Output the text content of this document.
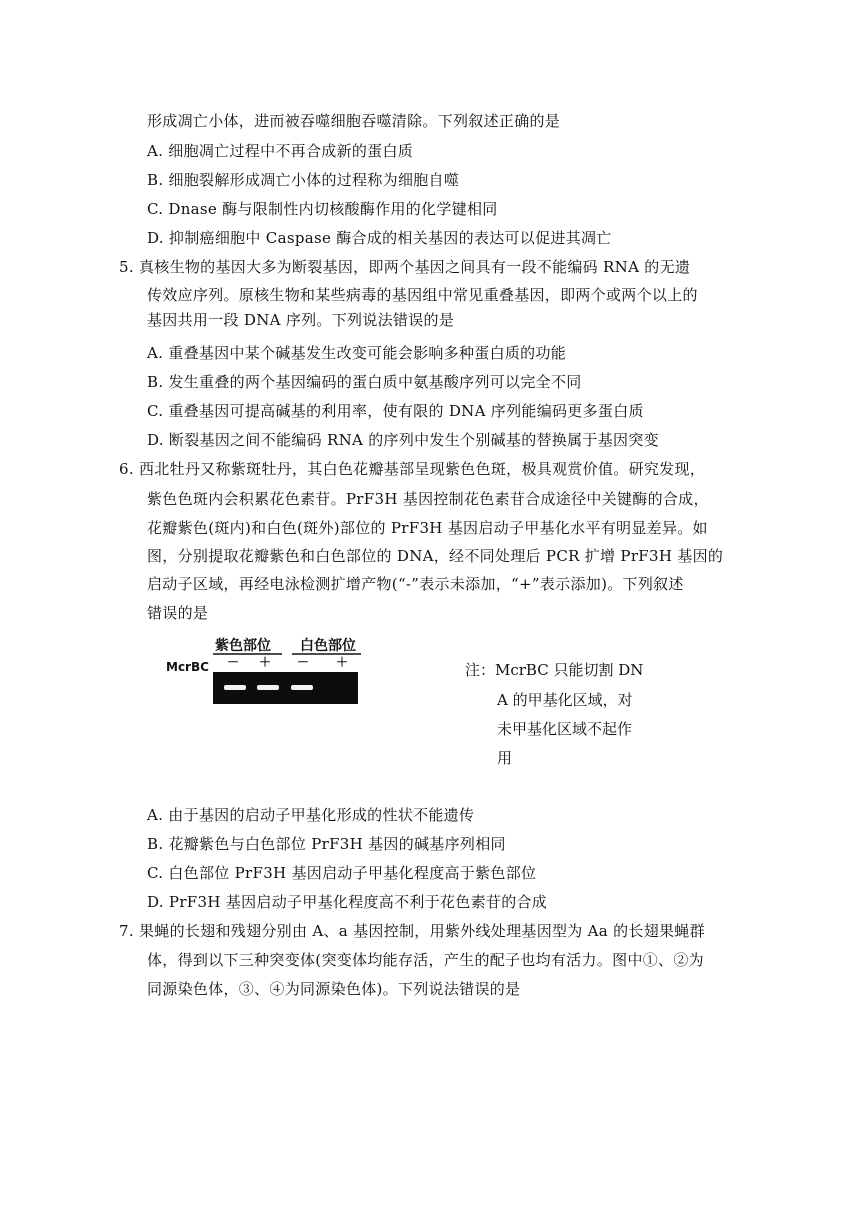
形成凋亡小体，进而被吞噬细胞吞噬清除。下列叙述正确的是
A. 细胞凋亡过程中不再合成新的蛋白质
B. 细胞裂解形成凋亡小体的过程称为细胞自噬
C. Dnase 酶与限制性内切核酸酶作用的化学键相同
D. 抑制癌细胞中 Caspase 酶合成的相关基因的表达可以促进其凋亡
5. 真核生物的基因大多为断裂基因，即两个基因之间具有一段不能编码 RNA 的无遗
传效应序列。原核生物和某些病毒的基因组中常见重叠基因，即两个或两个以上的
基因共用一段 DNA 序列。下列说法错误的是
A. 重叠基因中某个碱基发生改变可能会影响多种蛋白质的功能
B. 发生重叠的两个基因编码的蛋白质中氨基酸序列可以完全不同
C. 重叠基因可提高碱基的利用率，使有限的 DNA 序列能编码更多蛋白质
D. 断裂基因之间不能编码 RNA 的序列中发生个别碱基的替换属于基因突变
6. 西北牡丹又称紫斑牡丹，其白色花瓣基部呈现紫色色斑，极具观赏价值。研究发现，
紫色色斑内会积累花色素苷。PrF3H 基因控制花色素苷合成途径中关键酶的合成，
花瓣紫色(斑内)和白色(斑外)部位的 PrF3H 基因启动子甲基化水平有明显差异。如
图，分别提取花瓣紫色和白色部位的 DNA，经不同处理后 PCR 扩增 PrF3H 基因的
启动子区域，再经电泳检测扩增产物(“-”表示未添加，“+”表示添加)。下列叙述
错误的是
紫色部位 白色部位
McrBC － ＋ － ＋	注：McrBC 只能切割 DN
A 的甲基化区域，对
未甲基化区域不起作
用
A. 由于基因的启动子甲基化形成的性状不能遗传
B. 花瓣紫色与白色部位 PrF3H 基因的碱基序列相同
C. 白色部位 PrF3H 基因启动子甲基化程度高于紫色部位
D. PrF3H 基因启动子甲基化程度高不利于花色素苷的合成
7. 果蝇的长翅和残翅分别由 A、a 基因控制，用紫外线处理基因型为 Aa 的长翅果蝇群
体，得到以下三种突变体(突变体均能存活，产生的配子也均有活力。图中①、②为
同源染色体，③、④为同源染色体)。下列说法错误的是
